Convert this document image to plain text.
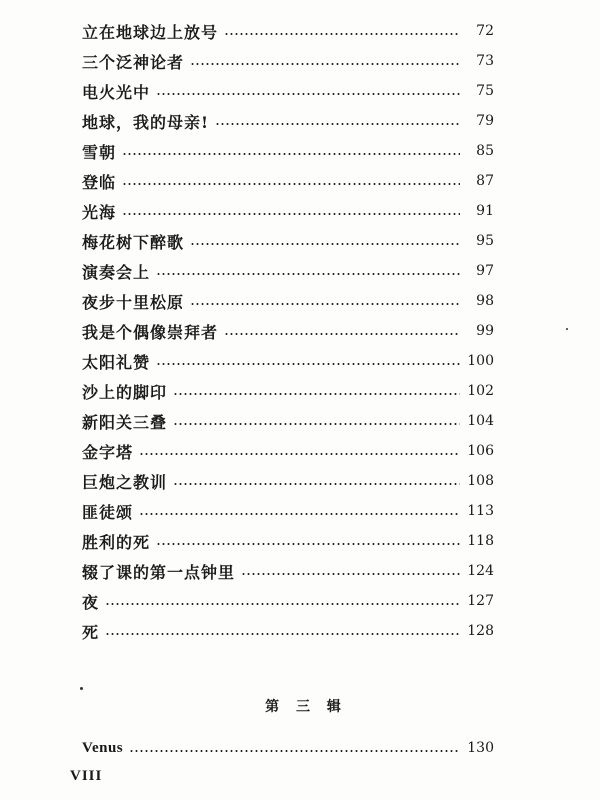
立在地球边上放号	72
三个泛神论者	73
电火光中	75
地球，我的母亲!	79
雪朝	85
登临	87
光海	91
梅花树下醉歌	95
演奏会上	97
夜步十里松原	98
我是个偶像崇拜者	99
太阳礼赞	100
沙上的脚印	102
新阳关三叠	104
金字塔	106
巨炮之教训	108
匪徒颂	113
胜利的死	118
辍了课的第一点钟里	124
夜	127
死	128
第 三 辑
Venus	130
VIII
